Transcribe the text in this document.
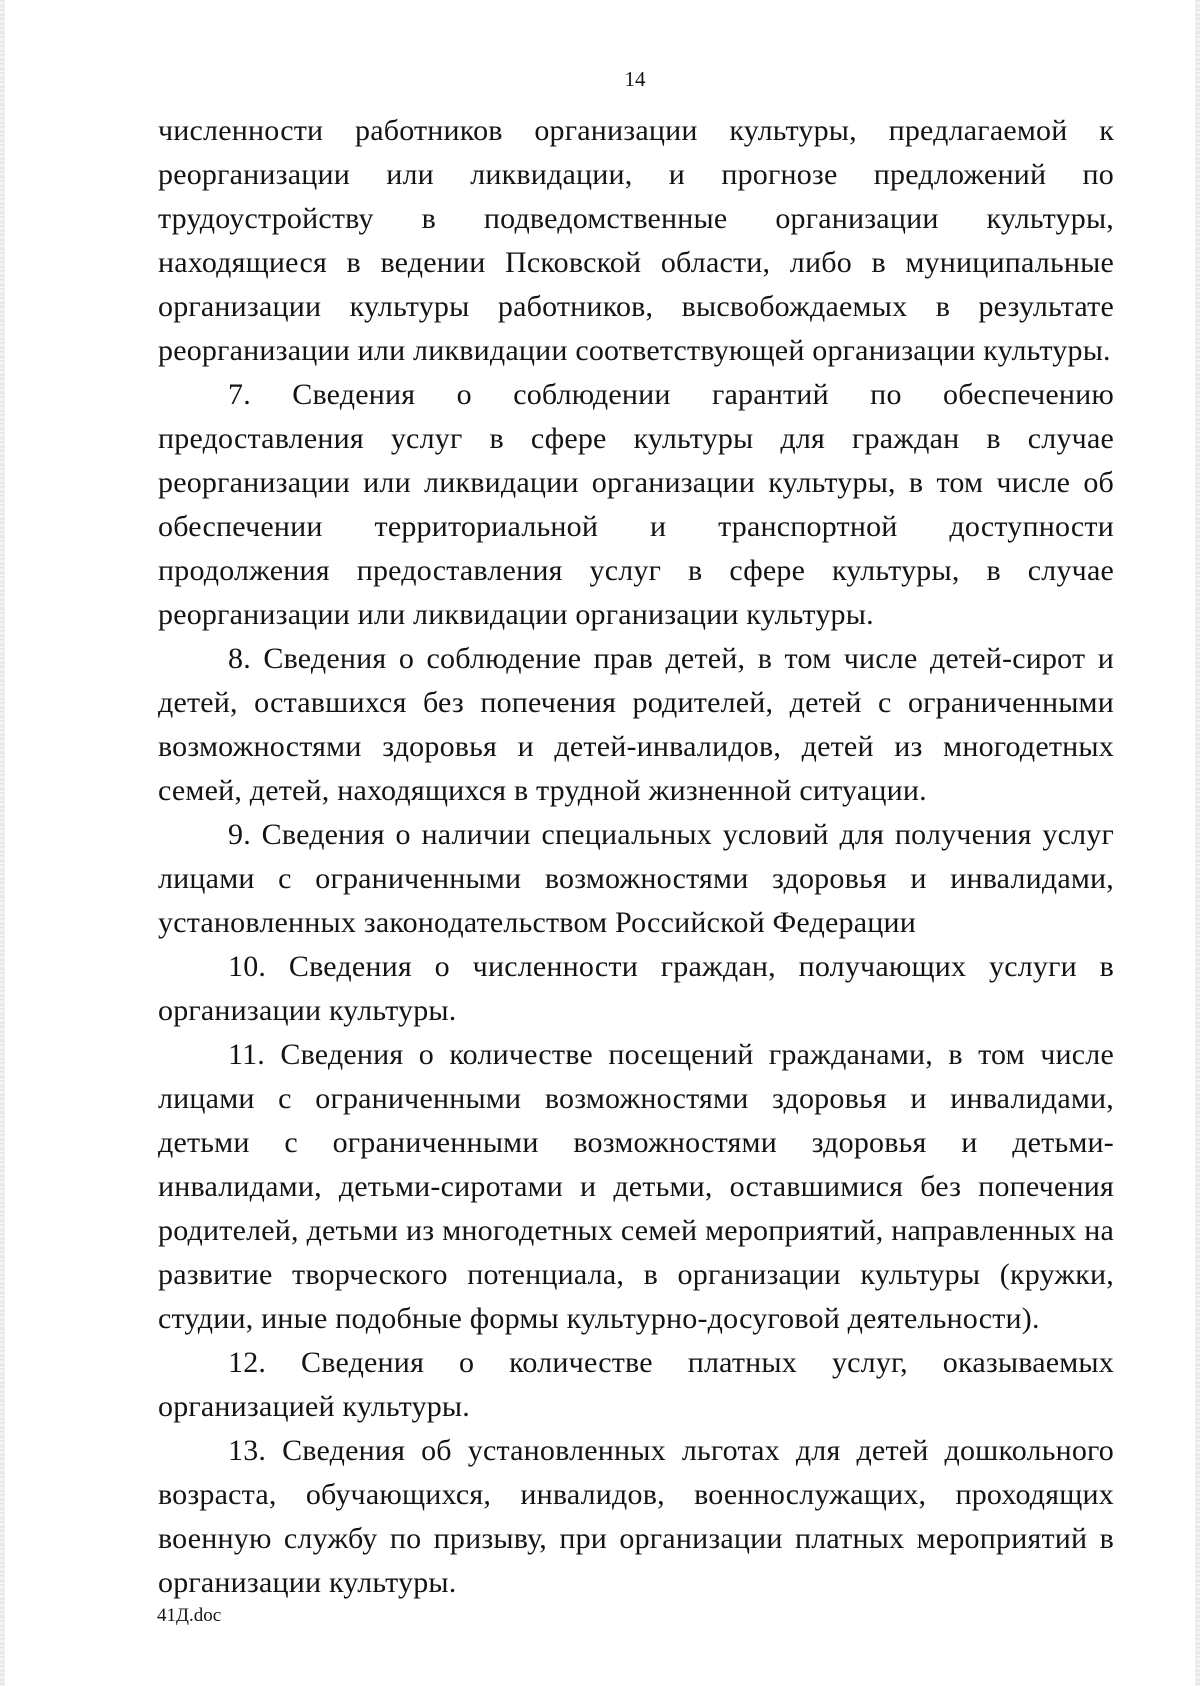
14

численности работников организации культуры, предлагаемой к реорганизации или ликвидации, и прогнозе предложений по трудоустройству в подведомственные организации культуры, находящиеся в ведении Псковской области, либо в муниципальные организации культуры работников, высвобождаемых в результате реорганизации или ликвидации соответствующей организации культуры.

7. Сведения о соблюдении гарантий по обеспечению предоставления услуг в сфере культуры для граждан в случае реорганизации или ликвидации организации культуры, в том числе об обеспечении территориальной и транспортной доступности продолжения предоставления услуг в сфере культуры, в случае реорганизации или ликвидации организации культуры.

8. Сведения о соблюдение прав детей, в том числе детей-сирот и детей, оставшихся без попечения родителей, детей с ограниченными возможностями здоровья и детей-инвалидов, детей из многодетных семей, детей, находящихся в трудной жизненной ситуации.

9. Сведения о наличии специальных условий для получения услуг лицами с ограниченными возможностями здоровья и инвалидами, установленных законодательством Российской Федерации

10. Сведения о численности граждан, получающих услуги в организации культуры.

11. Сведения о количестве посещений гражданами, в том числе лицами с ограниченными возможностями здоровья и инвалидами, детьми с ограниченными возможностями здоровья и детьми-инвалидами, детьми-сиротами и детьми, оставшимися без попечения родителей, детьми из многодетных семей мероприятий, направленных на развитие творческого потенциала, в организации культуры (кружки, студии, иные подобные формы культурно-досуговой деятельности).

12. Сведения о количестве платных услуг, оказываемых организацией культуры.

13. Сведения об установленных льготах для детей дошкольного возраста, обучающихся, инвалидов, военнослужащих, проходящих военную службу по призыву, при организации платных мероприятий в организации культуры.

41Д.doc
